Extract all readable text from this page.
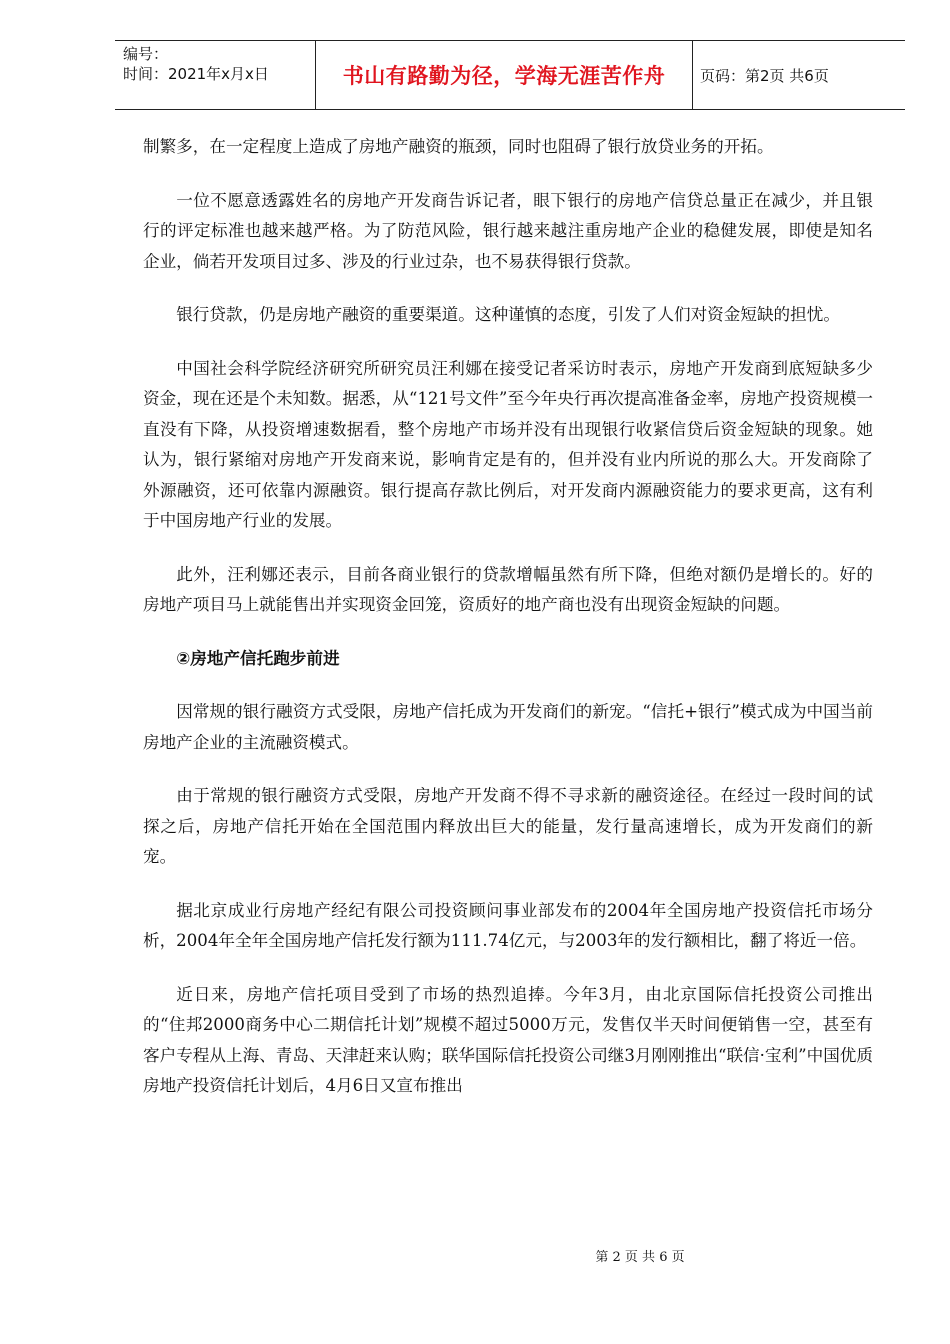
编号：
时间：2021年x月x日	书山有路勤为径，学海无涯苦作舟 页码：第2页 共6页

制繁多，在一定程度上造成了房地产融资的瓶颈，同时也阻碍了银行放贷业务的开拓。

一位不愿意透露姓名的房地产开发商告诉记者，眼下银行的房地产信贷总量正在减少，并且银行的评定标准也越来越严格。为了防范风险，银行越来越注重房地产企业的稳健发展，即使是知名企业，倘若开发项目过多、涉及的行业过杂，也不易获得银行贷款。

银行贷款，仍是房地产融资的重要渠道。这种谨慎的态度，引发了人们对资金短缺的担忧。

中国社会科学院经济研究所研究员汪利娜在接受记者采访时表示，房地产开发商到底短缺多少资金，现在还是个未知数。据悉，从“121号文件”至今年央行再次提高准备金率，房地产投资规模一直没有下降，从投资增速数据看，整个房地产市场并没有出现银行收紧信贷后资金短缺的现象。她认为，银行紧缩对房地产开发商来说，影响肯定是有的，但并没有业内所说的那么大。开发商除了外源融资，还可依靠内源融资。银行提高存款比例后，对开发商内源融资能力的要求更高，这有利于中国房地产行业的发展。

此外，汪利娜还表示，目前各商业银行的贷款增幅虽然有所下降，但绝对额仍是增长的。好的房地产项目马上就能售出并实现资金回笼，资质好的地产商也没有出现资金短缺的问题。

②房地产信托跑步前进

因常规的银行融资方式受限，房地产信托成为开发商们的新宠。“信托+银行”模式成为中国当前房地产企业的主流融资模式。

由于常规的银行融资方式受限，房地产开发商不得不寻求新的融资途径。在经过一段时间的试探之后，房地产信托开始在全国范围内释放出巨大的能量，发行量高速增长，成为开发商们的新宠。

据北京成业行房地产经纪有限公司投资顾问事业部发布的2004年全国房地产投资信托市场分析，2004年全年全国房地产信托发行额为111.74亿元，与2003年的发行额相比，翻了将近一倍。

近日来，房地产信托项目受到了市场的热烈追捧。今年3月，由北京国际信托投资公司推出的“住邦2000商务中心二期信托计划”规模不超过5000万元，发售仅半天时间便销售一空，甚至有客户专程从上海、青岛、天津赶来认购；联华国际信托投资公司继3月刚刚推出“联信·宝利”中国优质房地产投资信托计划后，4月6日又宣布推出

第 2 页 共 6 页
